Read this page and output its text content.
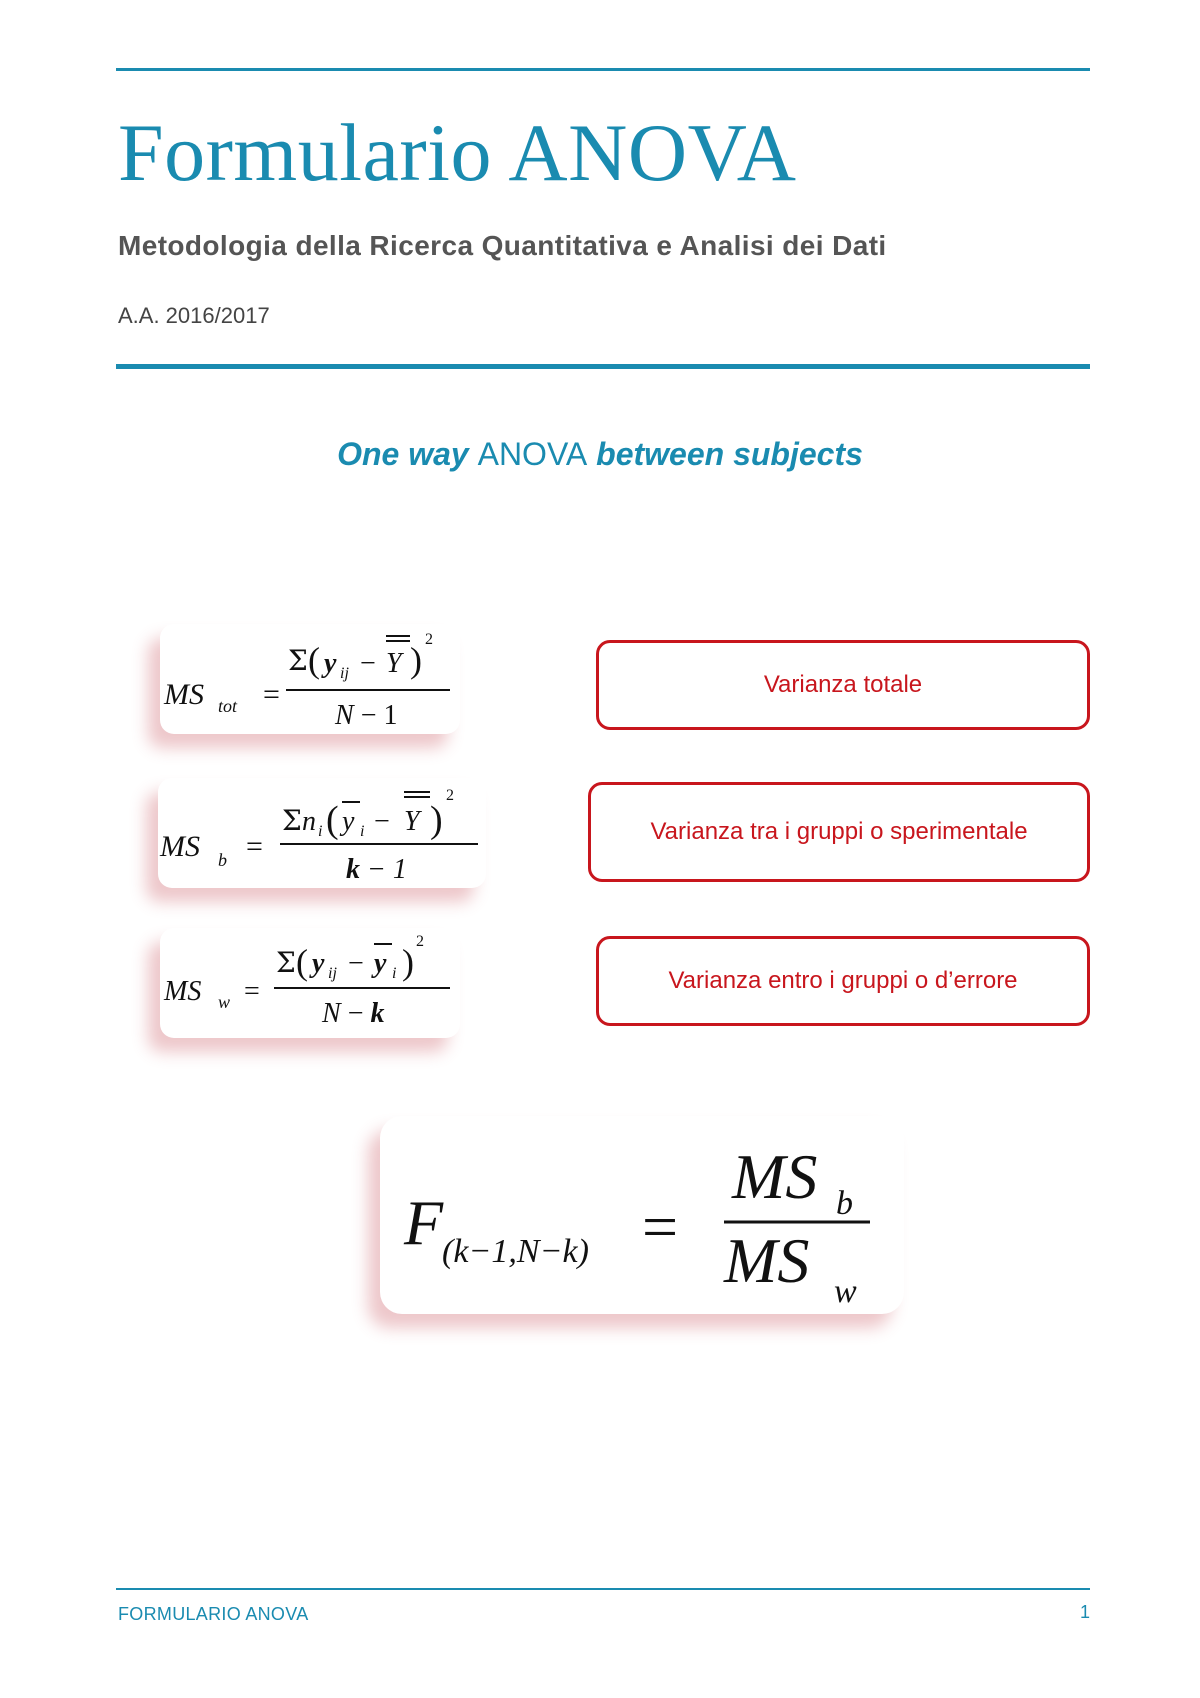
Formulario ANOVA
Metodologia della Ricerca Quantitativa e Analisi dei Dati
A.A. 2016/2017
One way ANOVA between subjects
MS tot =
Σ ( y ij − Y )
2
N − 1
Varianza totale
MS b =
Σ n i ( y i − Y )
2
k − 1
Varianza tra i gruppi o sperimentale
MS w =
Σ ( y ij − y i )
2
N − k
Varianza entro i gruppi o d’errore
F
(k−1,N−k) =
MS b
MS w
FORMULARIO ANOVA	1
